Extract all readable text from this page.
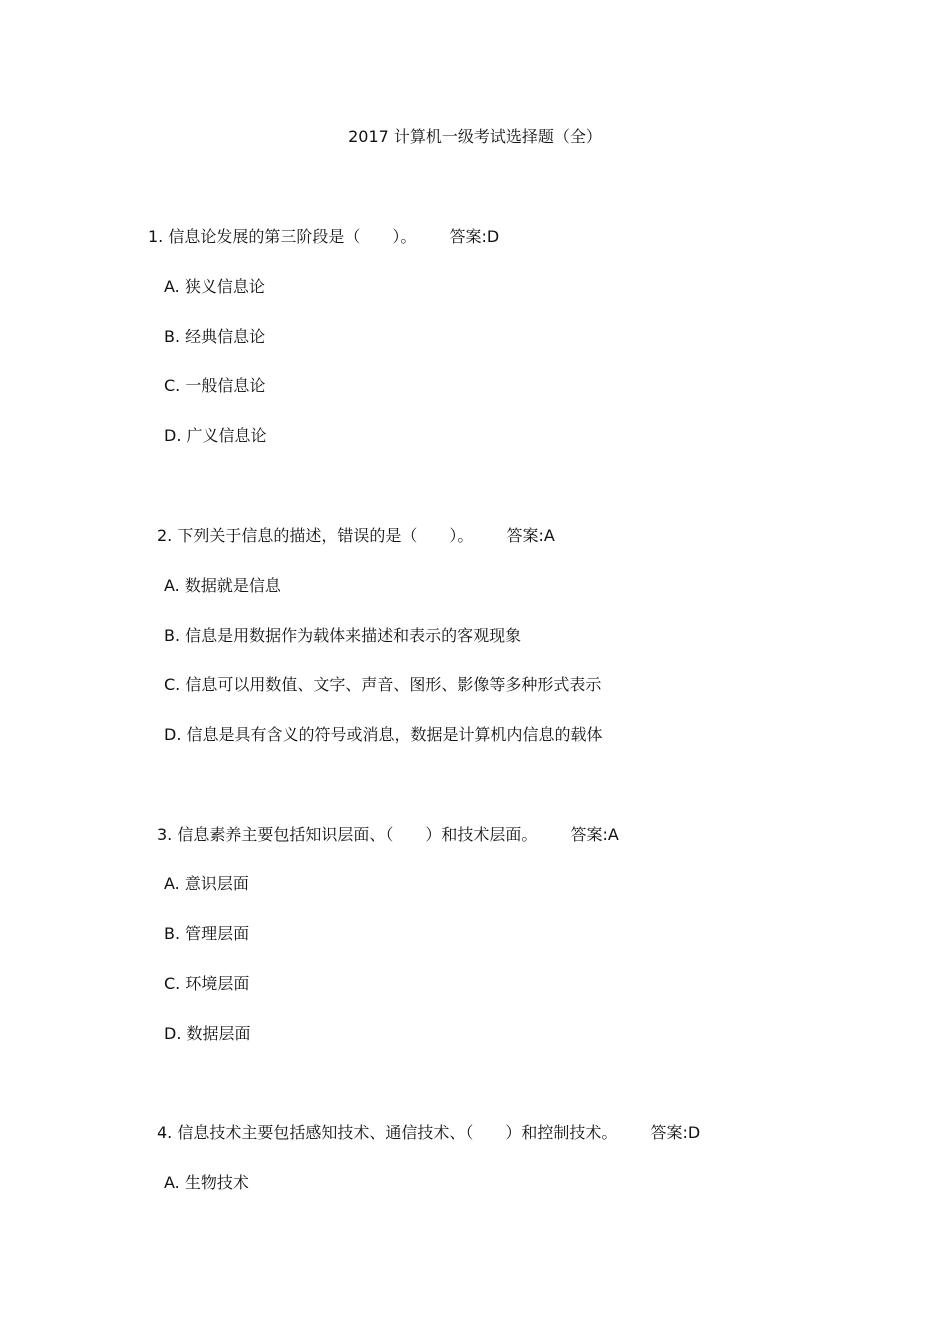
2017 计算机一级考试选择题（全）
1. 信息论发展的第三阶段是（　　）。 答案:D
A. 狭义信息论
B. 经典信息论
C. 一般信息论
D. 广义信息论
2. 下列关于信息的描述，错误的是（　　）。 答案:A
A. 数据就是信息
B. 信息是用数据作为载体来描述和表示的客观现象
C. 信息可以用数值、文字、声音、图形、影像等多种形式表示
D. 信息是具有含义的符号或消息，数据是计算机内信息的载体
3. 信息素养主要包括知识层面、（　　）和技术层面。 答案:A
A. 意识层面
B. 管理层面
C. 环境层面
D. 数据层面
4. 信息技术主要包括感知技术、通信技术、（　　）和控制技术。 答案:D
A. 生物技术
